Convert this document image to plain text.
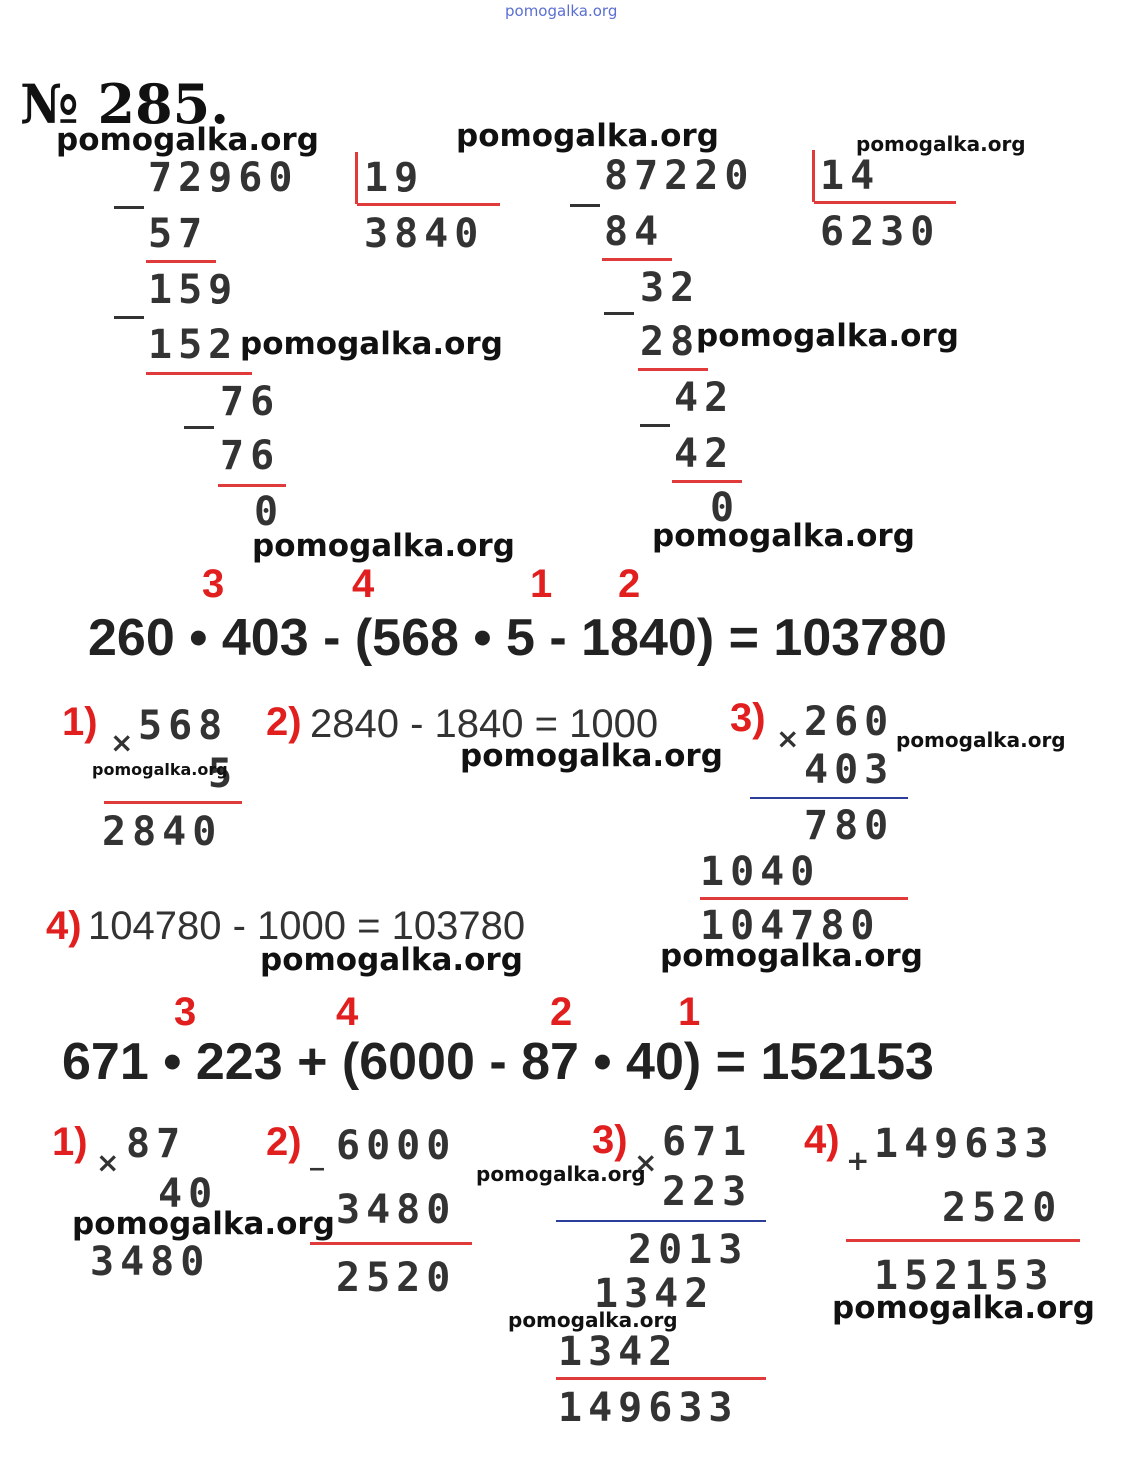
pomogalka.org
№ 285.
72960 19
3840
57
159
152
76
76
0
87220 14
6230
84
32
28
42
42
0
3	4	1 2
260 • 403 - (568 • 5 - 1840) = 103780
1) × 568
5
2840
2) 2840 - 1840 = 1000 3) × 260
403
780
1040
104780
4) 104780 - 1000 = 103780
3	4	2	1
671 • 223 + (6000 - 87 • 40) = 152153
1) × 87
40
3480
2) _ 6000
3480
2520
3)
× 671
223
2013
1342
1342
149633
4) + 149633
2520
152153
pomogalka.org	pomogalka.org	pomogalka.org
pomogalka.org	pomogalka.org
pomogalka.org	pomogalka.org
pomogalka.org	pomogalka.org
pomogalka.org
pomogalka.org	pomogalka.org
pomogalka.org
pomogalka.org
pomogalka.org	pomogalka.org
